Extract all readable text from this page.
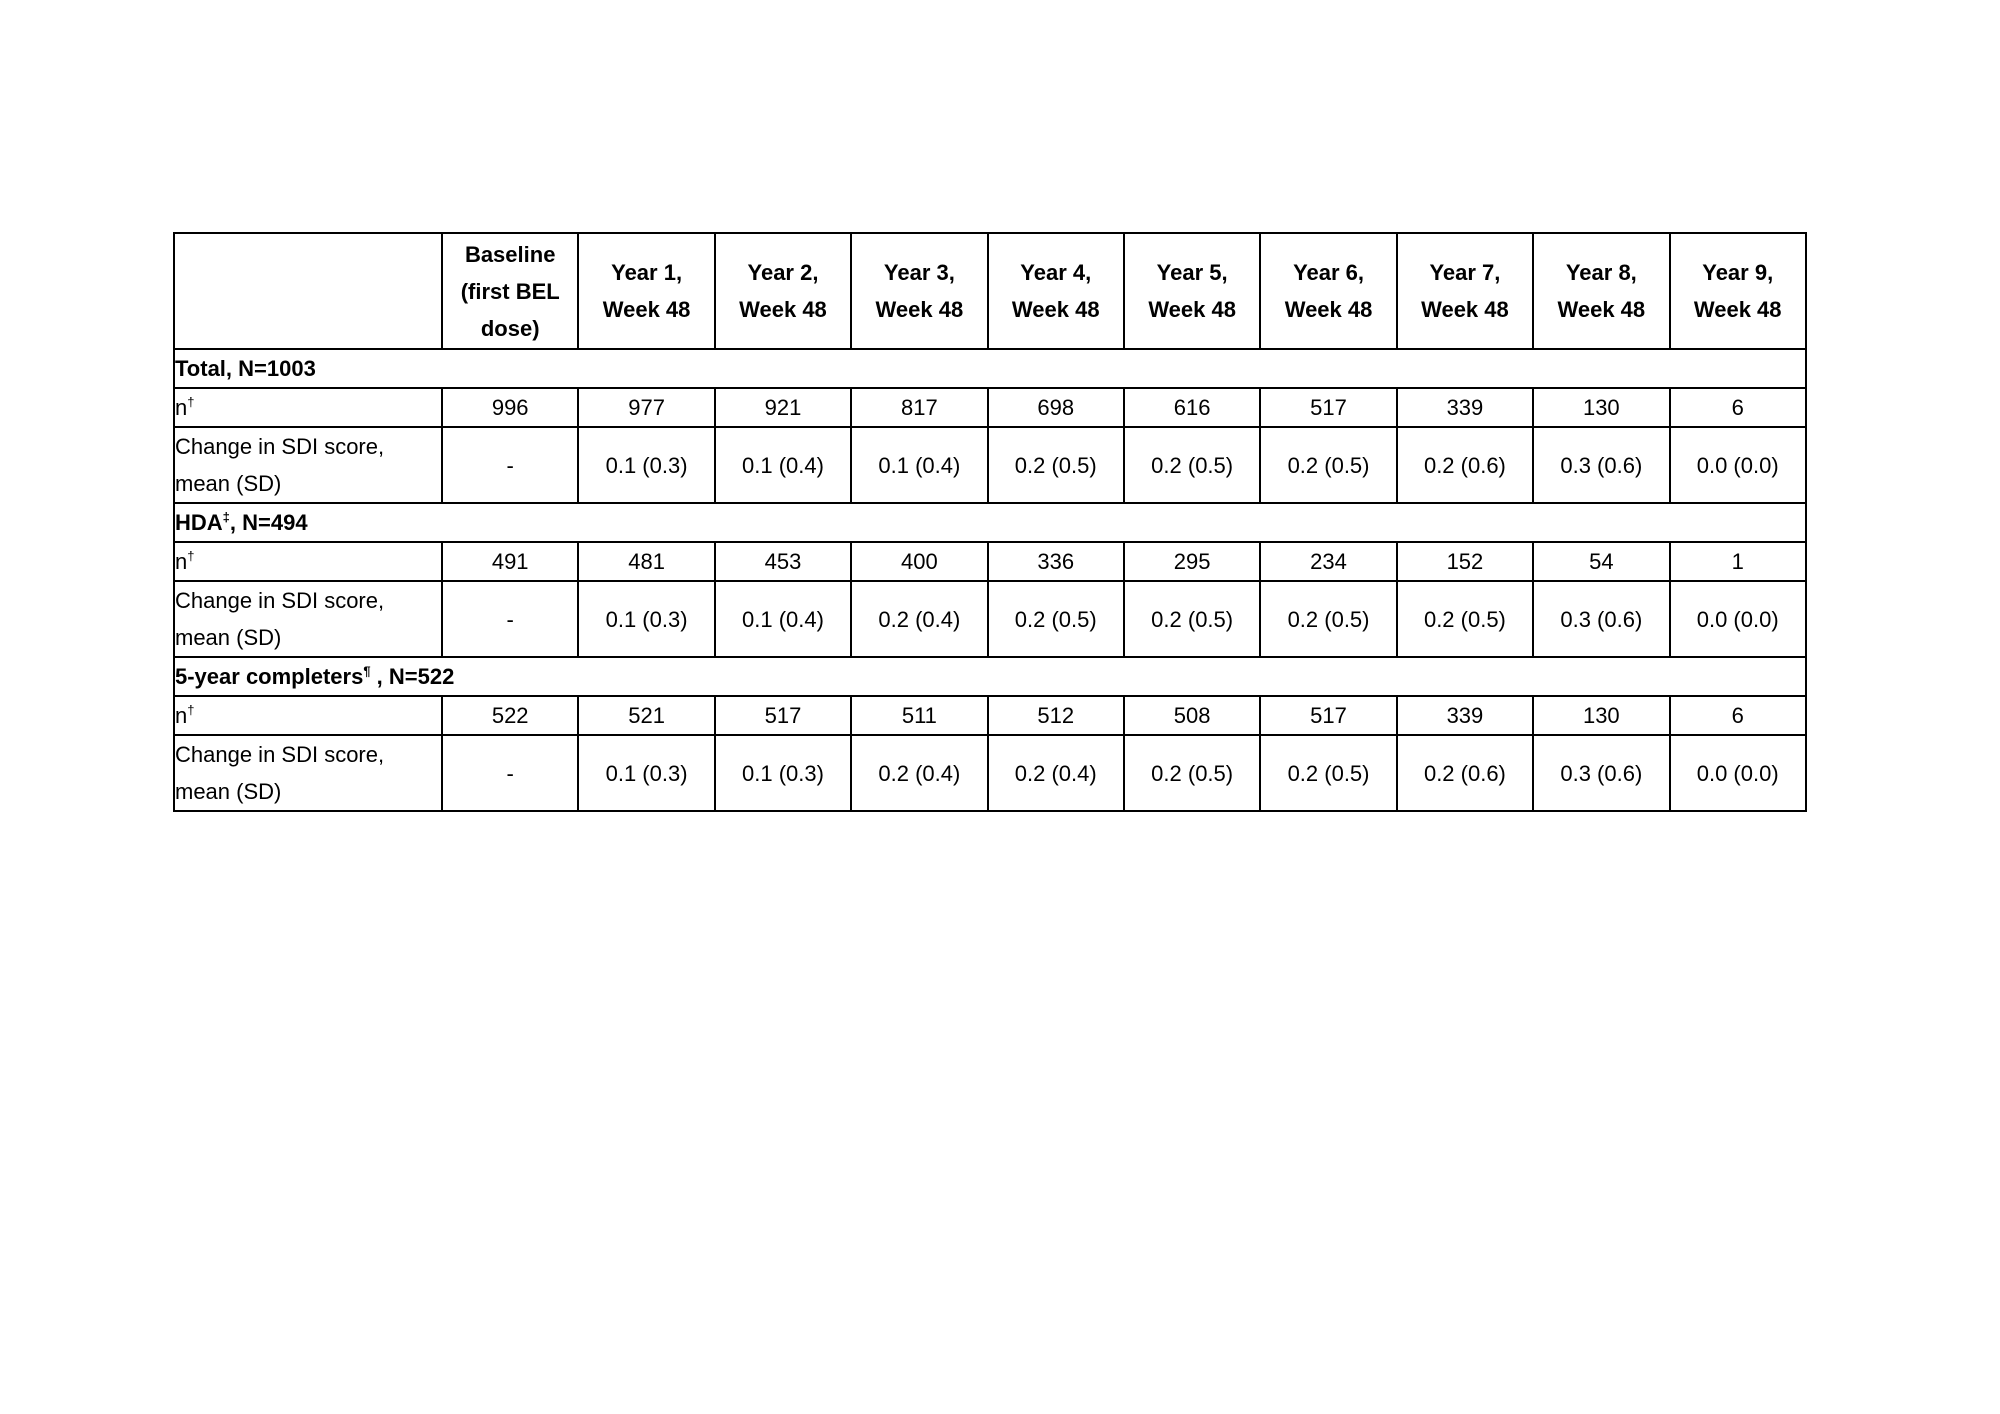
	Baseline
(first BEL
dose)	Year 1,
Week 48	Year 2,
Week 48	Year 3,
Week 48	Year 4,
Week 48	Year 5,
Week 48	Year 6,
Week 48	Year 7,
Week 48	Year 8,
Week 48	Year 9,
Week 48

Total, N=1003										
n†	996	977	921	817	698	616	517	339	130	6

Change in SDI score,
mean (SD)	-	0.1 (0.3)	0.1 (0.4)	0.1 (0.4)	0.2 (0.5)	0.2 (0.5)	0.2 (0.5)	0.2 (0.6)	0.3 (0.6)	0.0 (0.0)
HDA‡, N=494										
n†	491	481	453	400	336	295	234	152	54	1

Change in SDI score,
mean (SD)	-	0.1 (0.3)	0.1 (0.4)	0.2 (0.4)	0.2 (0.5)	0.2 (0.5)	0.2 (0.5)	0.2 (0.5)	0.3 (0.6)	0.0 (0.0)
5-year completers¶ , N=522										
n†	522	521	517	511	512	508	517	339	130	6

Change in SDI score,
mean (SD)	-	0.1 (0.3)	0.1 (0.3)	0.2 (0.4)	0.2 (0.4)	0.2 (0.5)	0.2 (0.5)	0.2 (0.6)	0.3 (0.6)	0.0 (0.0)
